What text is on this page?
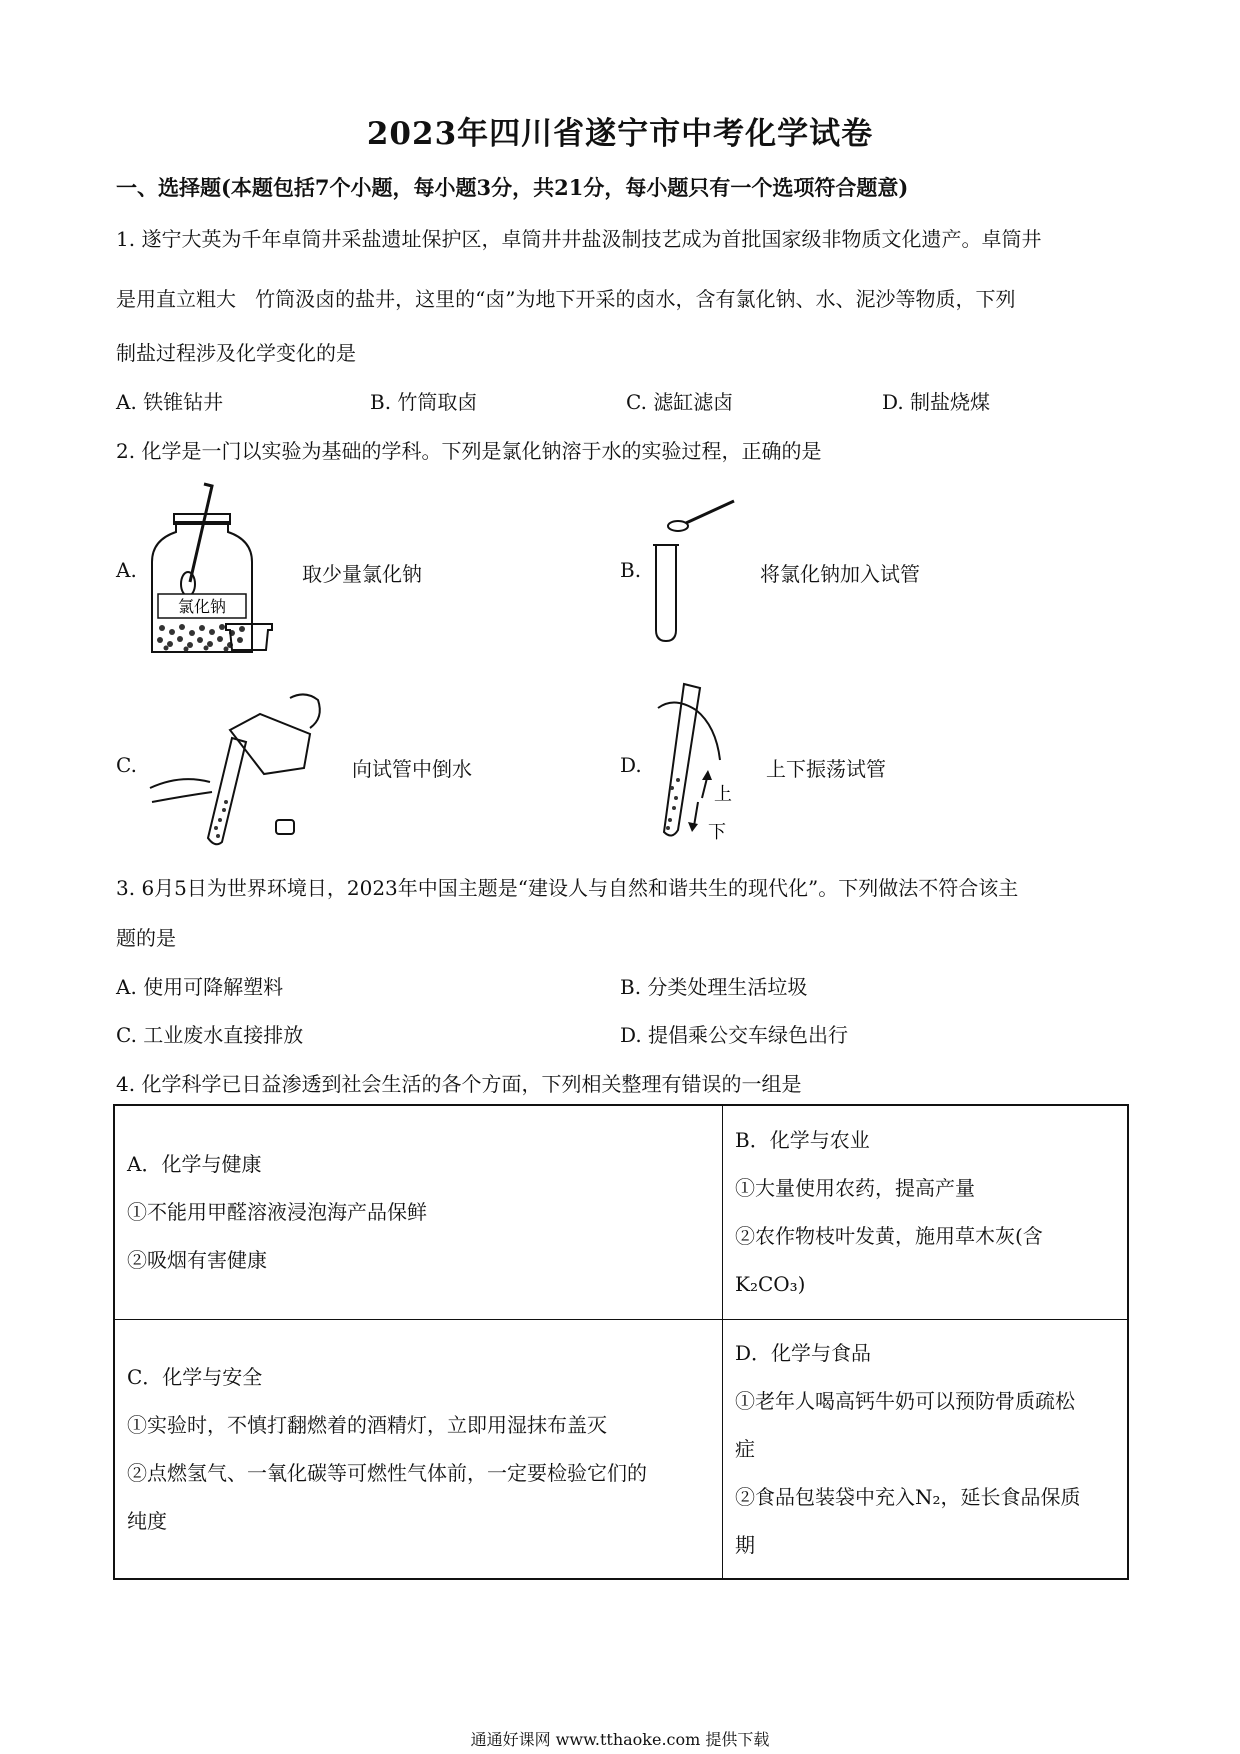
2023年四川省遂宁市中考化学试卷
一、选择题(本题包括7个小题，每小题3分，共21分，每小题只有一个选项符合题意)
1. 遂宁大英为千年卓筒井采盐遗址保护区，卓筒井井盐汲制技艺成为首批国家级非物质文化遗产。卓筒井
是用直立粗大   竹筒汲卤的盐井，这里的“卤”为地下开采的卤水，含有氯化钠、水、泥沙等物质，下列
制盐过程涉及化学变化的是
A. 铁锥钻井	B. 竹筒取卤	C. 滤缸滤卤	D. 制盐烧煤
2. 化学是一门以实验为基础的学科。下列是氯化钠溶于水的实验过程，正确的是
A.
氯化钠
取少量氯化钠	B.	将氯化钠加入试管
C.	向试管中倒水	D.
上
下
上下振荡试管
3. 6月5日为世界环境日，2023年中国主题是“建设人与自然和谐共生的现代化”。下列做法不符合该主
题的是
A. 使用可降解塑料	B. 分类处理生活垃圾
C. 工业废水直接排放	D. 提倡乘公交车绿色出行
4. 化学科学已日益渗透到社会生活的各个方面，下列相关整理有错误的一组是
A．化学与健康
①不能用甲醛溶液浸泡海产品保鲜
②吸烟有害健康	B．化学与农业
①大量使用农药，提高产量
②农作物枝叶发黄，施用草木灰(含
K₂CO₃)

C．化学与安全
①实验时，不慎打翻燃着的酒精灯，立即用湿抹布盖灭
②点燃氢气、一氧化碳等可燃性气体前，一定要检验它们的
纯度	D．化学与食品
①老年人喝高钙牛奶可以预防骨质疏松
症
②食品包装袋中充入N₂，延长食品保质
期
通通好课网 www.tthaoke.com 提供下载
